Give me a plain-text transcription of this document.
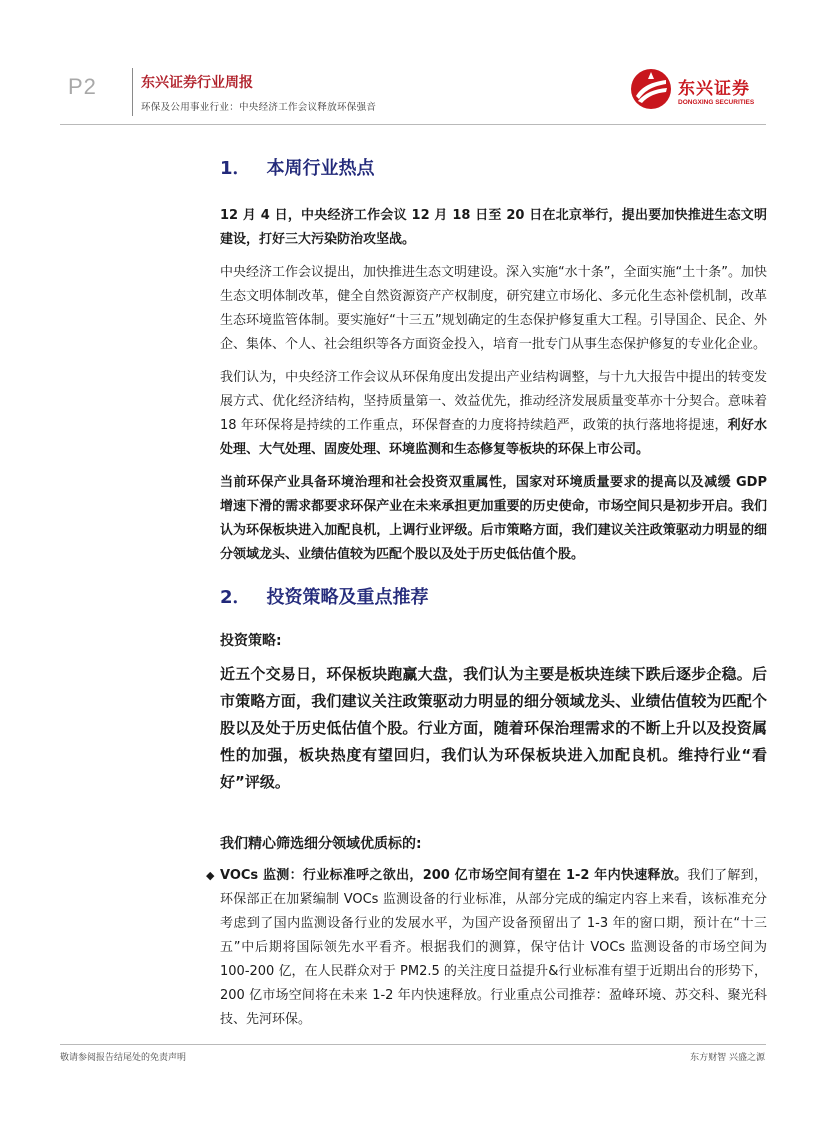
P2	东兴证券行业周报
环保及公用事业行业：中央经济工作会议释放环保强音
东兴证券
DONGXING SECURITIES
1． 本周行业热点

12 月 4 日，中央经济工作会议 12 月 18 日至 20 日在北京举行，提出要加快推进生态文明建设，打好三大污染防治攻坚战。

中央经济工作会议提出，加快推进生态文明建设。深入实施“水十条”，全面实施“土十条”。加快生态文明体制改革，健全自然资源资产产权制度，研究建立市场化、多元化生态补偿机制，改革生态环境监管体制。要实施好“十三五”规划确定的生态保护修复重大工程。引导国企、民企、外企、集体、个人、社会组织等各方面资金投入，培育一批专门从事生态保护修复的专业化企业。

我们认为，中央经济工作会议从环保角度出发提出产业结构调整，与十九大报告中提出的转变发展方式、优化经济结构，坚持质量第一、效益优先，推动经济发展质量变革亦十分契合。意味着 18 年环保将是持续的工作重点，环保督查的力度将持续趋严，政策的执行落地将提速，利好水处理、大气处理、固废处理、环境监测和生态修复等板块的环保上市公司。

当前环保产业具备环境治理和社会投资双重属性，国家对环境质量要求的提高以及减缓 GDP 增速下滑的需求都要求环保产业在未来承担更加重要的历史使命，市场空间只是初步开启。我们认为环保板块进入加配良机，上调行业评级。后市策略方面，我们建议关注政策驱动力明显的细分领域龙头、业绩估值较为匹配个股以及处于历史低估值个股。

2． 投资策略及重点推荐

投资策略:

近五个交易日，环保板块跑赢大盘，我们认为主要是板块连续下跌后逐步企稳。后市策略方面，我们建议关注政策驱动力明显的细分领域龙头、业绩估值较为匹配个股以及处于历史低估值个股。行业方面，随着环保治理需求的不断上升以及投资属性的加强，板块热度有望回归，我们认为环保板块进入加配良机。维持行业“看好”评级。

我们精心筛选细分领域优质标的:

◆ VOCs 监测：行业标准呼之欲出，200 亿市场空间有望在 1-2 年内快速释放。我们了解到，环保部正在加紧编制 VOCs 监测设备的行业标准，从部分完成的编定内容上来看，该标准充分考虑到了国内监测设备行业的发展水平，为国产设备预留出了 1-3 年的窗口期，预计在“十三五”中后期将国际领先水平看齐。根据我们的测算，保守估计 VOCs 监测设备的市场空间为 100-200 亿，在人民群众对于 PM2.5 的关注度日益提升&行业标准有望于近期出台的形势下，200 亿市场空间将在未来 1-2 年内快速释放。行业重点公司推荐：盈峰环境、苏交科、聚光科技、先河环保。

敬请参阅报告结尾处的免责声明	东方财智 兴盛之源
